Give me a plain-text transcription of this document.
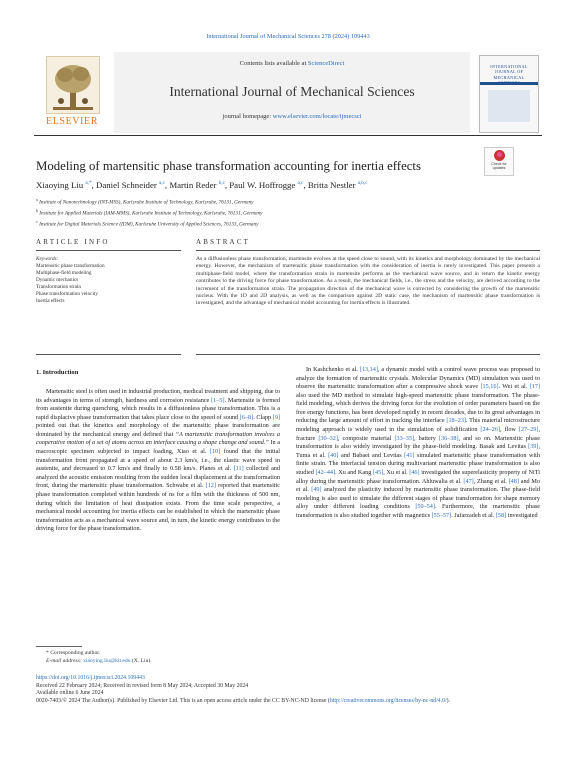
International Journal of Mechanical Sciences 278 (2024) 109443
ELSEVIER
Contents lists available at ScienceDirect
International Journal of Mechanical Sciences
journal homepage: www.elsevier.com/locate/ijmecsci
INTERNATIONAL JOURNAL OF MECHANICAL
Modeling of martensitic phase transformation accounting for inertia effects	Check for
updates
Xiaoying Liu $^{a,*}$, Daniel Schneider $^{a,c}$, Martin Reder $^{b,c}$, Paul W. Hoffrogge $^{a,c}$, Britta Nestler $^{a,b,c}$
$^a$ Institute of Nanotechnology (INT-MSS), Karlsruhe Institute of Technology, Karlsruhe, 76131, Germany
$^b$ Institute for Applied Materials (IAM-MMS), Karlsruhe Institute of Technology, Karlsruhe, 76131, Germany
$^c$ Institute for Digital Materials Science (IDM), Karlsruhe University of Applied Sciences, 76133, Germany
ARTICLE INFO	ABSTRACT
Keywords:
Martensitic phase transformation
Multiphase-field modeling
Dynamic mechanics
Transformation strain
Phase transformation velocity
Inertia effects
As a diffusionless phase transformation, martensite evolves at the speed close to sound, with its kinetics and morphology dominated by the mechanical energy. However, the mechanism of martensitic phase transformation with the consideration of inertia is rarely investigated. This paper presents a multiphase-field model, where the transformation strain in martensite performs as the mechanical wave source, and in return the kinetic energy contributes to the driving force for phase transformation. As a result, the mechanical fields, i.e., the stress and the velocity, are derived according to the increment of the transformation strain. The propagation direction of the mechanical wave is corrected by considering the growth of the martensitic nucleus. With the 1D and 2D analysis, as well as the comparison against 2D static case, the mechanism of martensitic phase transformation is investigated, and the advantage of mechanical model accounting for inertia effects is illustrated.
1. Introduction

Martensitic steel is often used in industrial production, medical treatment and shipping, due to its advantages in terms of strength, hardness and corrosion resistance [1–5]. Martensite is formed from austenite during quenching, which results in a diffusionless phase transformation. This is a rapid displacive phase transformation that takes place close to the speed of sound [6–8]. Clapp [9] pointed out that the kinetics and morphology of the martensitic phase transformation are dominated by the mechanical energy and defined that “A martensitic transformation involves a cooperative motion of a set of atoms across an interface causing a shape change and sound.” In a macroscopic specimen subjected to impact loading, Xiao et al. [10] found that the initial transformation front propagated at a speed of about 2.3 km/s, i.e., the elastic wave speed in austenite, and decreased to 0.7 km/s and finally to 0.58 km/s. Planes et al. [11] collected and analyzed the acoustic emission resulting from the sudden local displacement at the transformation front, during the martensitic phase transformation. Schwabe et al. [12] reported that martensitic phase transformation completed within hundreds of ns for a film with the thickness of 500 nm, during which the limitation of heat dissipation exists. From the time scale perspective, a mechanical model accounting for inertia effects can be established in which the martensitic phase transformation acts as a mechanical wave source and, in turn, the kinetic energy contributes to the driving force for the phase transformation.

In Kashchenko et al. [13,14], a dynamic model with a control wave process was proposed to analyze the formation of martensitic crystals. Molecular Dynamics (MD) simulation was used to observe the martensitic transformation after a compressive shock wave [15,16]. Wei et al. [17] also used the MD method to simulate high-speed martensitic phase transformation. The phase-field modeling, which derives the driving force for the evolution of order parameters based on the free energy functions, has been developed rapidly in recent decades, due to its great advantages in reducing the large amount of effort in tracking the interface [18–23]. This material microstructure modeling approach is widely used in the simulation of solidification [24–26], flow [27–29], fracture [30–32], composite material [33–35], battery [36–38], and so on. Martensitic phase transformation is also widely investigated by the phase-field modeling. Basak and Levitas [39], Tuma et al. [40] and Babaei and Levitas [41] simulated martensitic phase transformation with finite strain. The interfacial tension during multivariant martensitic phase transformation is also studied [42–44]. Xu and Kang [45], Xu et al. [46] investigated the superelasticity property of NiTi alloy during the martensitic phase transformation. Ahluwalia et al. [47], Zhang et al. [48] and Mo et al. [49] analyzed the plasticity induced by martensitic phase transformation. The phase-field modeling is also used to simulate the different stages of phase transformation for shape memory alloy under different loading conditions [50–54]. Furthermore, the martensitic phase transformation is also studied together with magnetics [55–57]. Jafarzadeh et al. [58] investigated

* Corresponding author.
E-mail address: xiaoying.liu@kit.edu (X. Liu).
https://doi.org/10.1016/j.ijmecsci.2024.109443
Received 22 February 2024; Received in revised form 8 May 2024; Accepted 30 May 2024
Available online 6 June 2024
0020-7403/© 2024 The Author(s). Published by Elsevier Ltd. This is an open access article under the CC BY-NC-ND license (http://creativecommons.org/licenses/by-nc-nd/4.0/).
